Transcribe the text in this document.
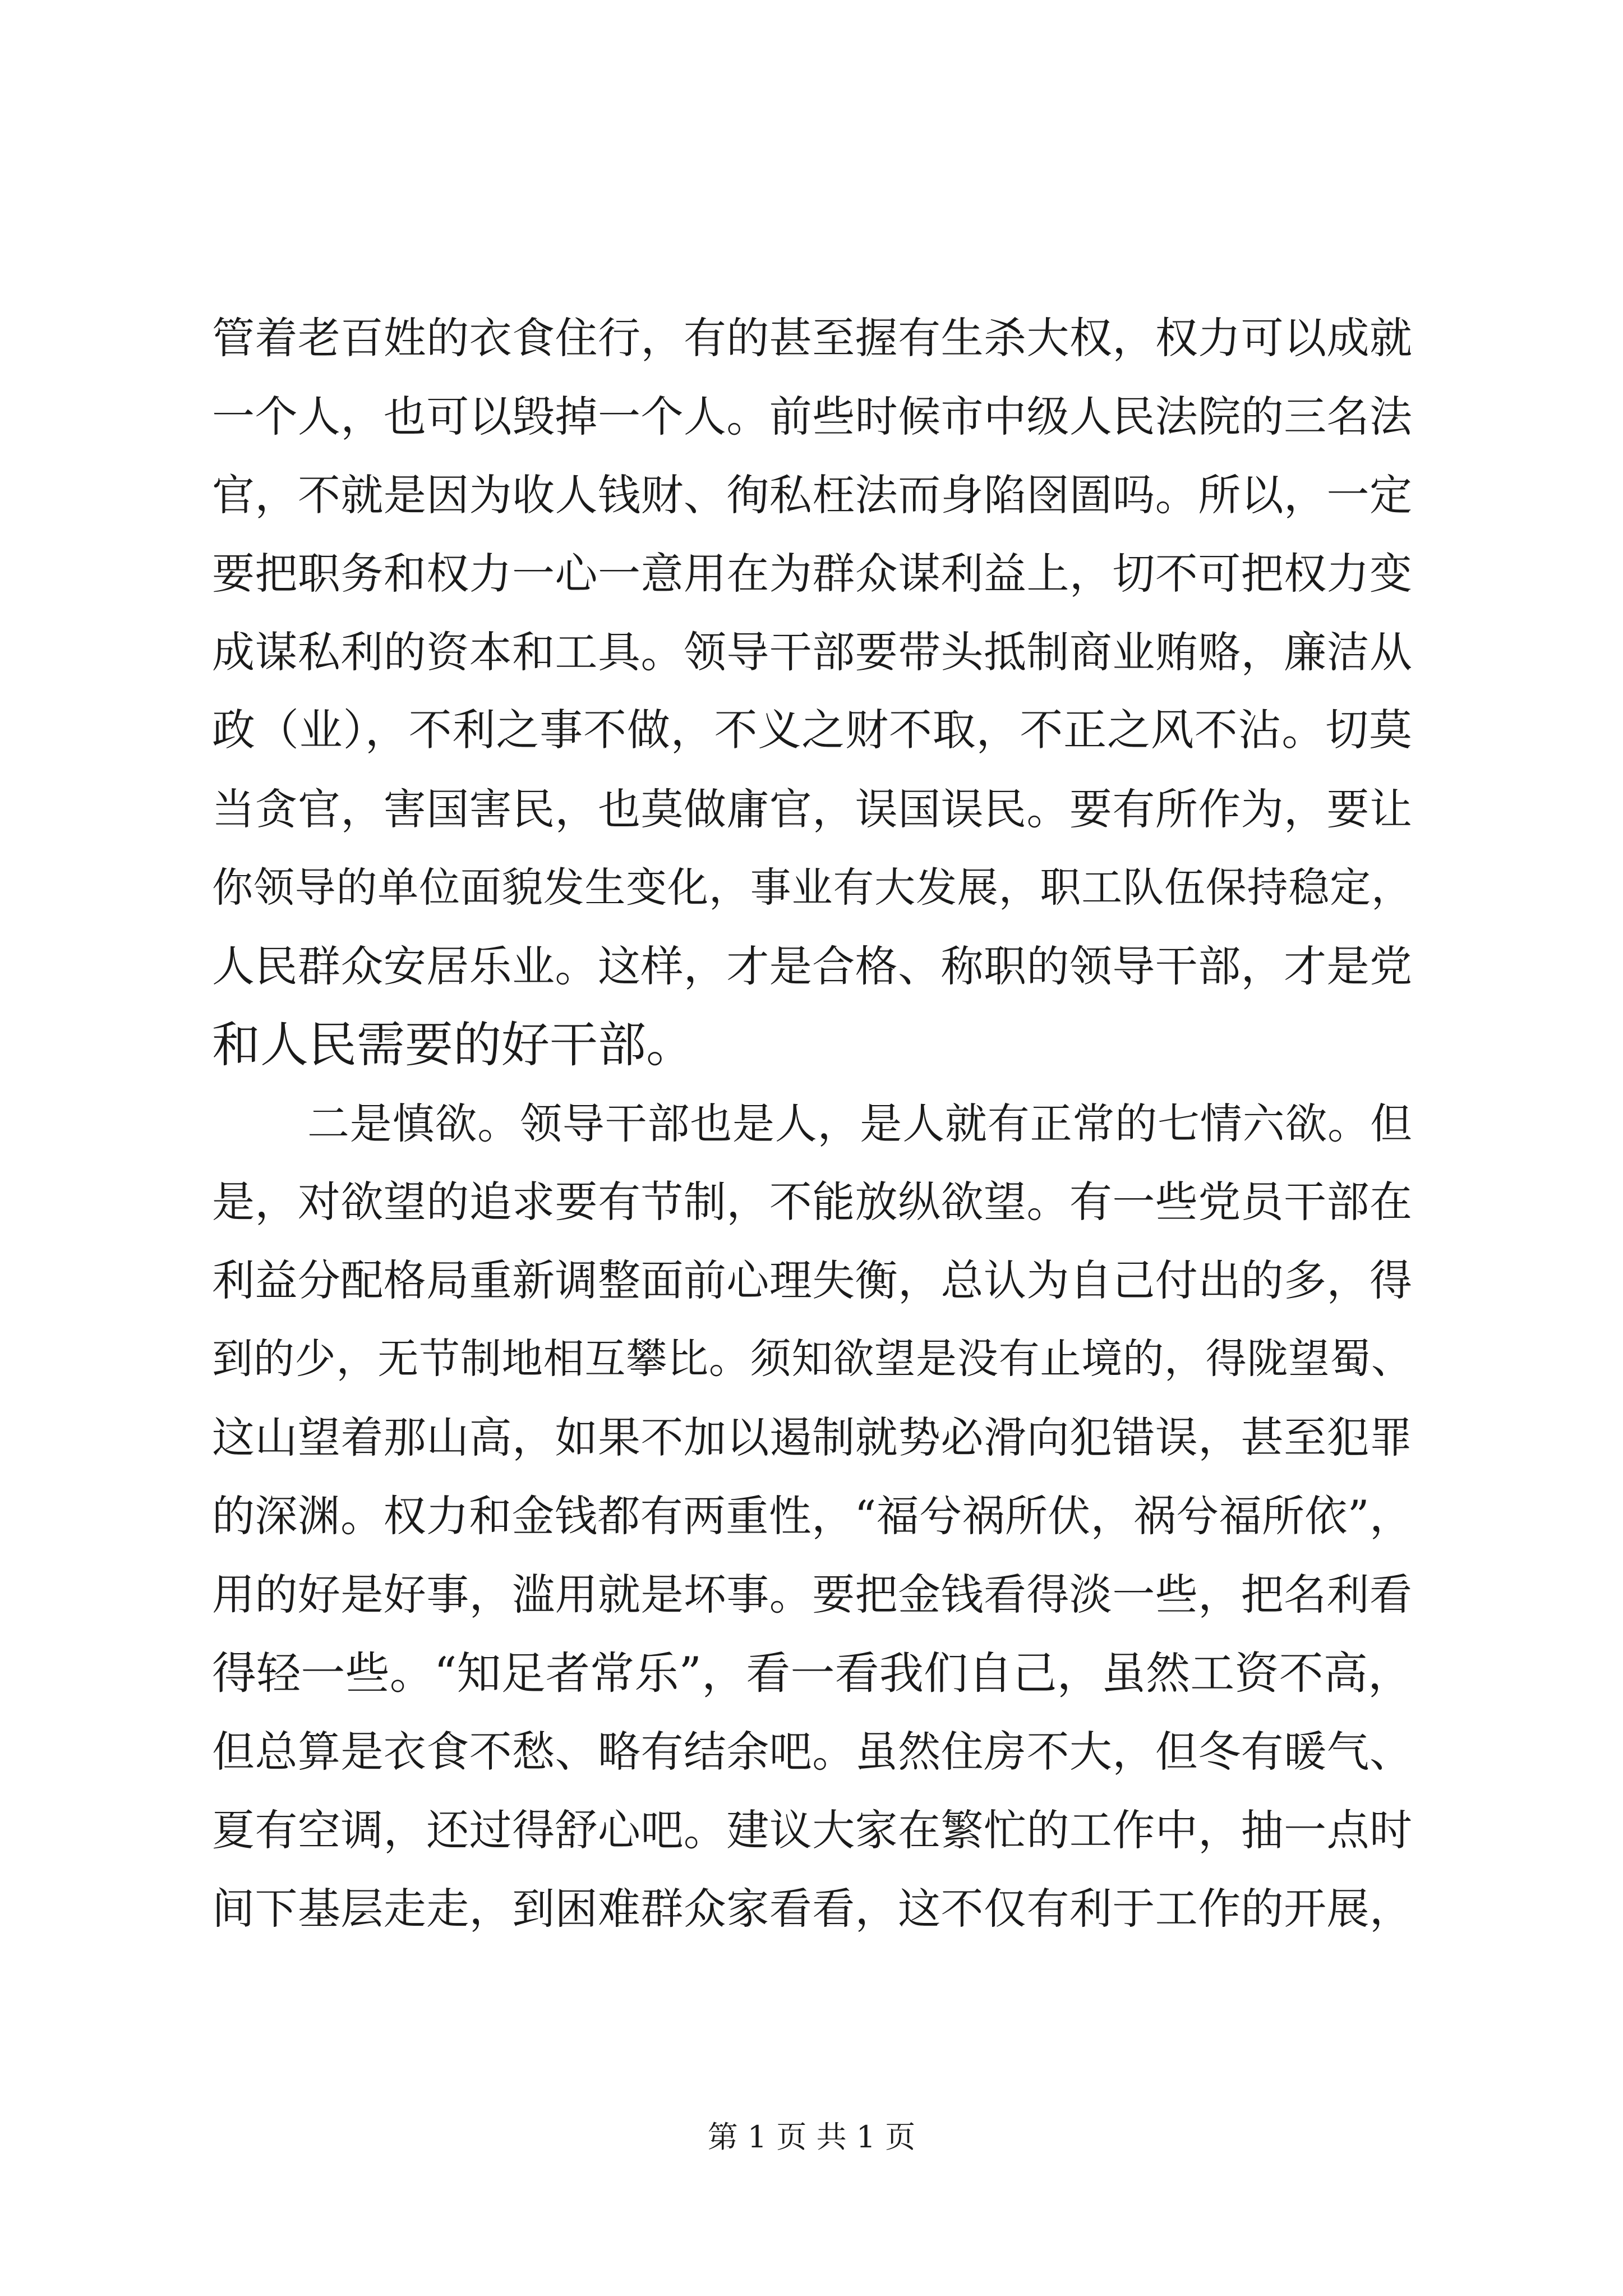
管着老百姓的衣食住行，有的甚至握有生杀大权，权力可以成就
一个人，也可以毁掉一个人。前些时候市中级人民法院的三名法
官，不就是因为收人钱财、徇私枉法而身陷囹圄吗。所以，一定
要把职务和权力一心一意用在为群众谋利益上，切不可把权力变
成谋私利的资本和工具。领导干部要带头抵制商业贿赂，廉洁从
政（业），不利之事不做，不义之财不取，不正之风不沾。切莫
当贪官，害国害民，也莫做庸官，误国误民。要有所作为，要让
你领导的单位面貌发生变化，事业有大发展，职工队伍保持稳定，
人民群众安居乐业。这样，才是合格、称职的领导干部，才是党
和人民需要的好干部。
二是慎欲。领导干部也是人，是人就有正常的七情六欲。但
是，对欲望的追求要有节制，不能放纵欲望。有一些党员干部在
利益分配格局重新调整面前心理失衡，总认为自己付出的多，得
到的少，无节制地相互攀比。须知欲望是没有止境的，得陇望蜀、
这山望着那山高，如果不加以遏制就势必滑向犯错误，甚至犯罪
的深渊。权力和金钱都有两重性，“福兮祸所伏，祸兮福所依”，
用的好是好事，滥用就是坏事。要把金钱看得淡一些，把名利看
得轻一些。“知足者常乐”，看一看我们自己，虽然工资不高，
但总算是衣食不愁、略有结余吧。虽然住房不大，但冬有暖气、
夏有空调，还过得舒心吧。建议大家在繁忙的工作中，抽一点时
间下基层走走，到困难群众家看看，这不仅有利于工作的开展，
第 1 页 共 1 页
